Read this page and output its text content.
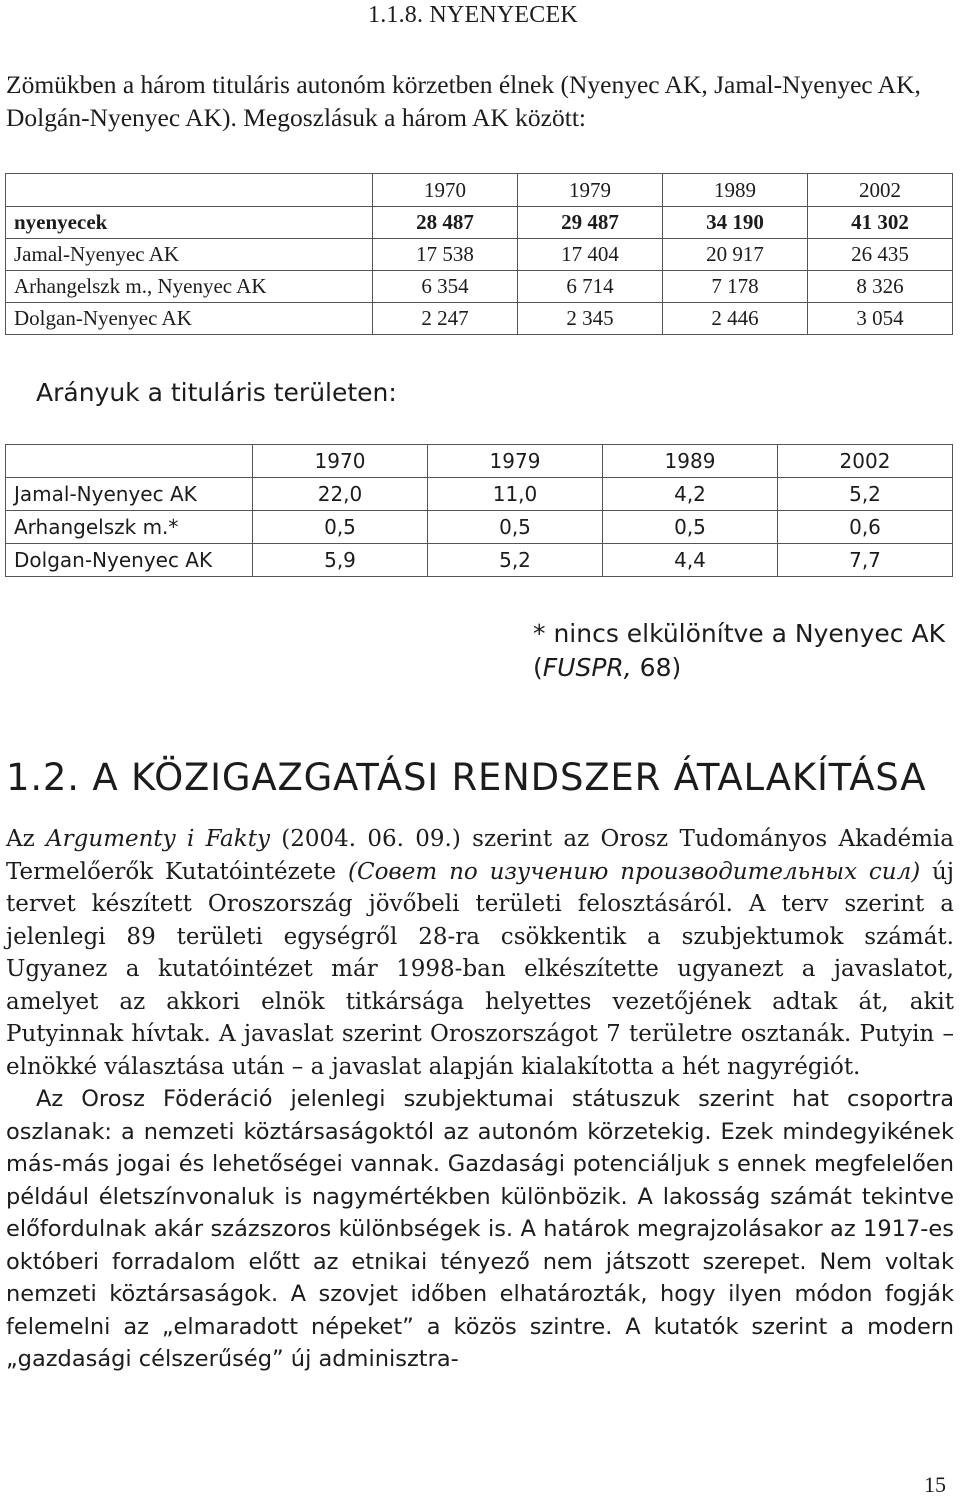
1.1.8. NYENYECEK

Zömükben a három tituláris autonóm körzetben élnek (Nyenyec AK, Jamal-Nyenyec AK, Dolgán-Nyenyec AK). Megoszlásuk a három AK között:

	1970	1979	1989	2002
nyenyecek	28 487	29 487	34 190	41 302
Jamal-Nyenyec AK	17 538	17 404	20 917	26 435
Arhangelszk m., Nyenyec AK	6 354	6 714	7 178	8 326
Dolgan-Nyenyec AK	2 247	2 345	2 446	3 054
Arányuk a tituláris területen:
	1970	1979	1989	2002
Jamal-Nyenyec AK	22,0	11,0	4,2	5,2
Arhangelszk m.*	0,5	0,5	0,5	0,6
Dolgan-Nyenyec AK	5,9	5,2	4,4	7,7
* nincs elkülönítve a Nyenyec AK
(FUSPR, 68)
1.2. A KÖZIGAZGATÁSI RENDSZER ÁTALAKÍTÁSA

Az Argumenty i Fakty (2004. 06. 09.) szerint az Orosz Tudományos Akadémia Termelőerők Kutatóintézete (Совет по изучению производительных сил) új tervet készített Oroszország jövőbeli területi felosztásáról. A terv szerint a jelenlegi 89 területi egységről 28-ra csökkentik a szubjektumok számát. Ugyanez a kutatóintézet már 1998-ban elkészítette ugyanezt a javaslatot, amelyet az akkori elnök titkársága helyettes vezetőjének adtak át, akit Putyinnak hívtak. A javaslat szerint Oroszországot 7 területre osztanák. Putyin – elnökké választása után – a javaslat alapján kialakította a hét nagyrégiót.

Az Orosz Föderáció jelenlegi szubjektumai státuszuk szerint hat csoportra oszlanak: a nemzeti köztársaságoktól az autonóm körzetekig. Ezek mindegyikének más-más jogai és lehetőségei vannak. Gazdasági potenciáljuk s ennek megfelelően például életszínvonaluk is nagymértékben különbözik. A lakosság számát tekintve előfordulnak akár százszoros különbségek is. A határok megrajzolásakor az 1917-es októberi forradalom előtt az etnikai tényező nem játszott szerepet. Nem voltak nemzeti köztársaságok. A szovjet időben elhatározták, hogy ilyen módon fogják felemelni az „elmaradott népeket” a közös szintre. A kutatók szerint a modern „gazdasági célszerűség” új adminisztra-

15
